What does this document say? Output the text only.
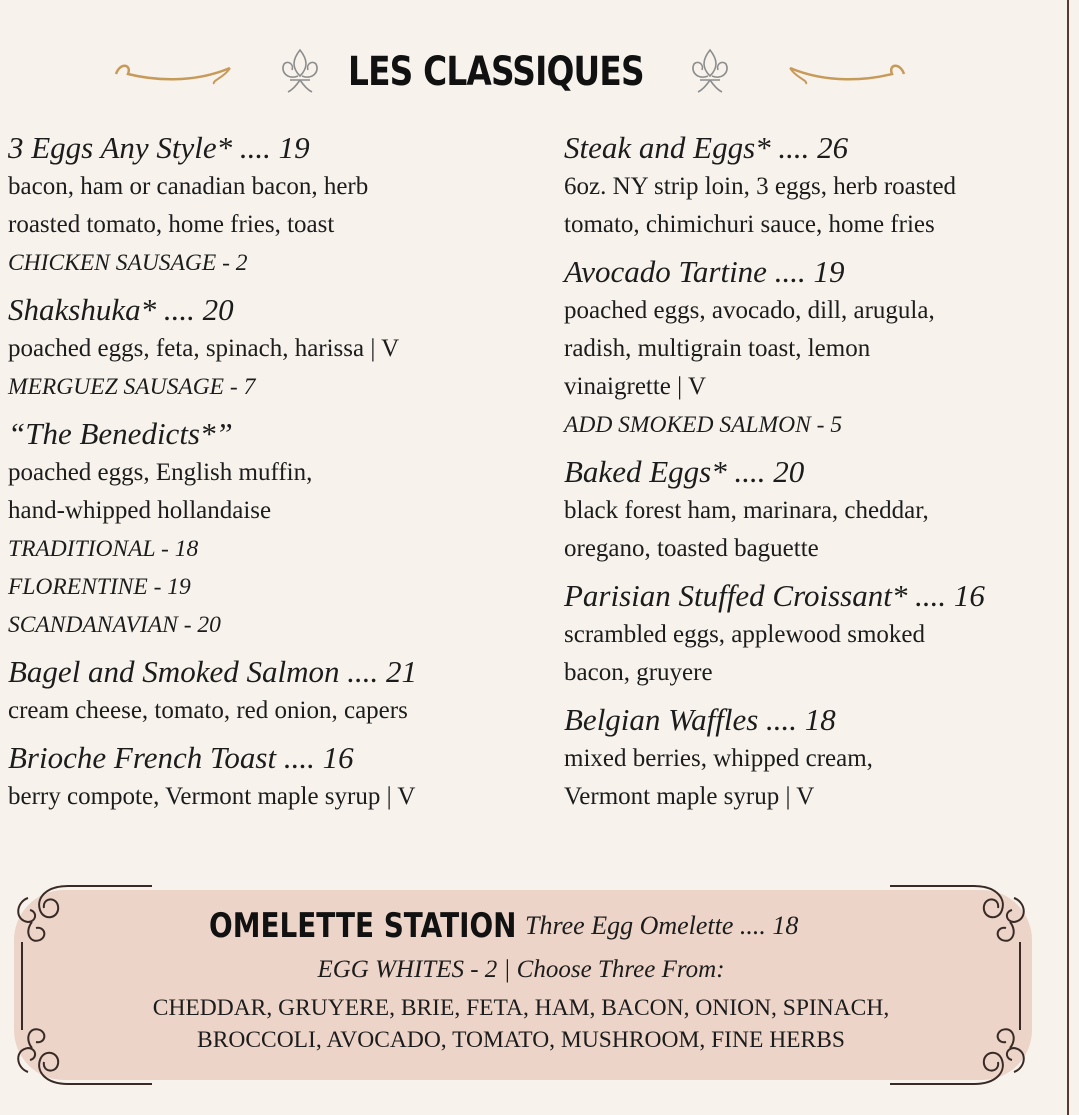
LES CLASSIQUES
3 Eggs Any Style* .... 19
bacon, ham or canadian bacon, herb
roasted tomato, home fries, toast
CHICKEN SAUSAGE - 2
Shakshuka* .... 20
poached eggs, feta, spinach, harissa | V
MERGUEZ SAUSAGE - 7
“The Benedicts*”
poached eggs, English muffin,
hand-whipped hollandaise
TRADITIONAL - 18
FLORENTINE - 19
SCANDANAVIAN - 20
Bagel and Smoked Salmon .... 21
cream cheese, tomato, red onion, capers
Brioche French Toast .... 16
berry compote, Vermont maple syrup | V
Steak and Eggs* .... 26
6oz. NY strip loin, 3 eggs, herb roasted
tomato, chimichuri sauce, home fries
Avocado Tartine .... 19
poached eggs, avocado, dill, arugula,
radish, multigrain toast, lemon
vinaigrette | V
ADD SMOKED SALMON - 5
Baked Eggs* .... 20
black forest ham, marinara, cheddar,
oregano, toasted baguette
Parisian Stuffed Croissant* .... 16
scrambled eggs, applewood smoked
bacon, gruyere
Belgian Waffles .... 18
mixed berries, whipped cream,
Vermont maple syrup | V
OMELETTE STATION Three Egg Omelette .... 18
EGG WHITES - 2 | Choose Three From:
CHEDDAR, GRUYERE, BRIE, FETA, HAM, BACON, ONION, SPINACH,
BROCCOLI, AVOCADO, TOMATO, MUSHROOM, FINE HERBS
